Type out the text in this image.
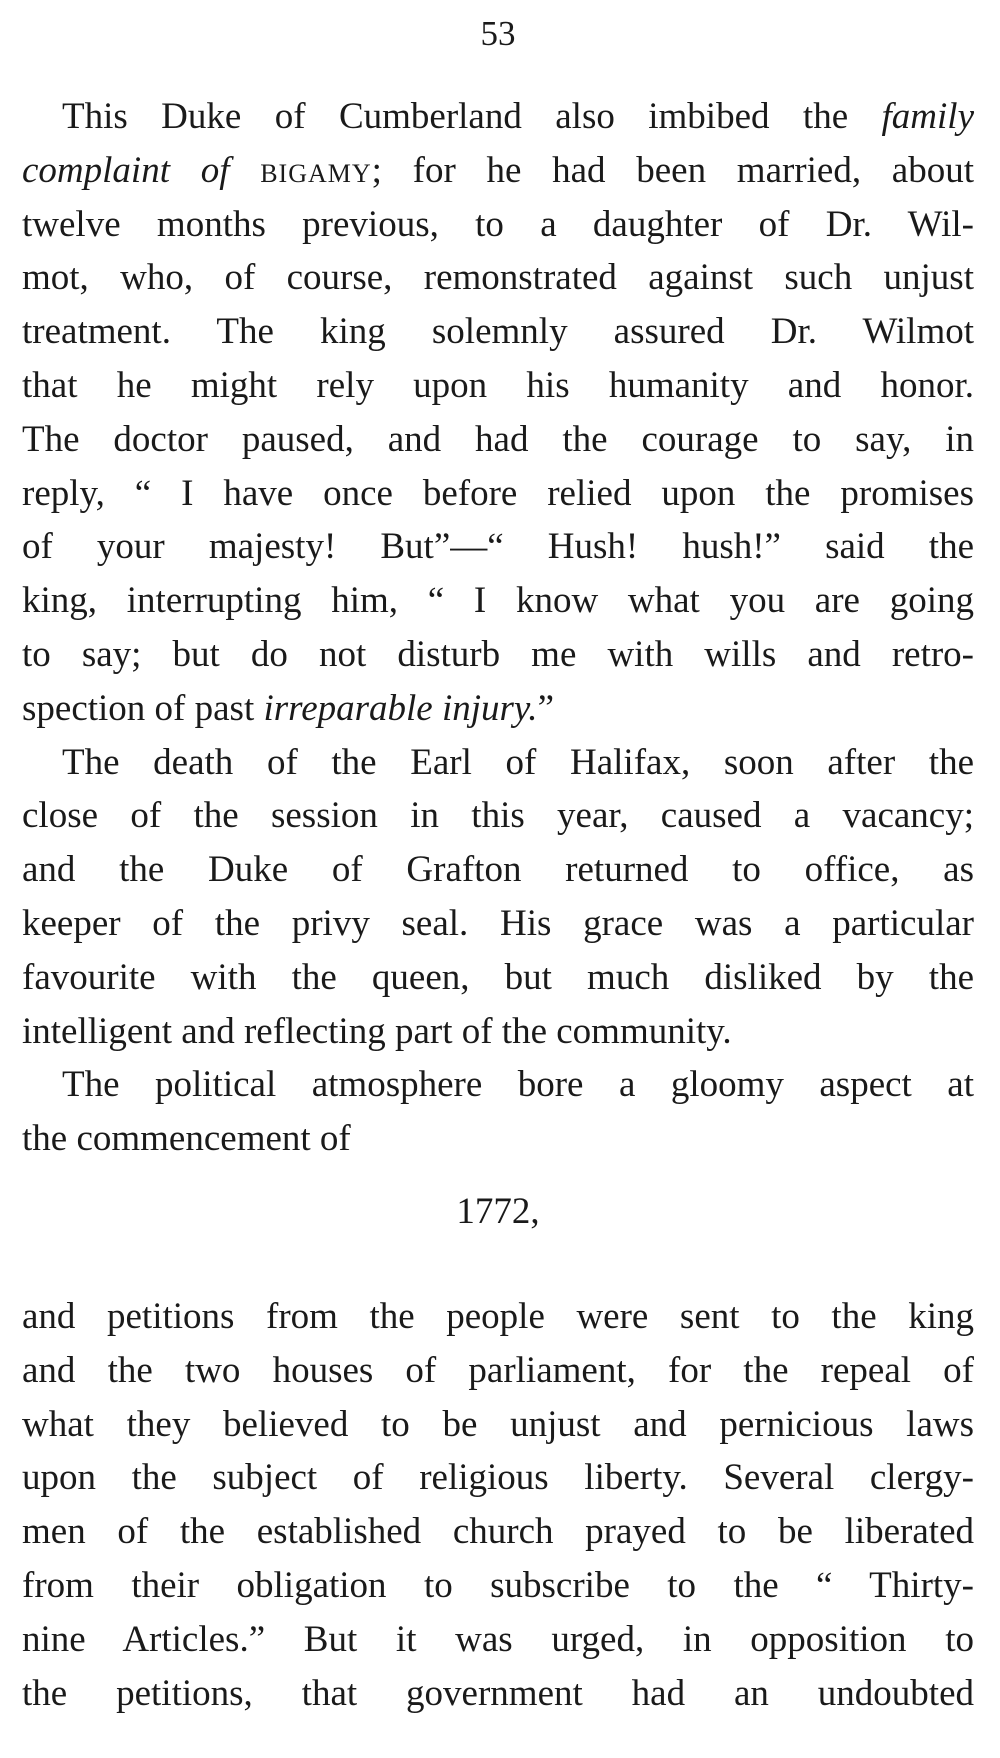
53
This Duke of Cumberland also imbibed the family
complaint of bigamy; for he had been married, about
twelve months previous, to a daughter of Dr. Wil-
mot, who, of course, remonstrated against such unjust
treatment. The king solemnly assured Dr. Wilmot
that he might rely upon his humanity and honor.
The doctor paused, and had the courage to say, in
reply, “ I have once before relied upon the promises
of your majesty! But”—“ Hush! hush!” said the
king, interrupting him, “ I know what you are going
to say; but do not disturb me with wills and retro-
spection of past irreparable injury.”
The death of the Earl of Halifax, soon after the
close of the session in this year, caused a vacancy;
and the Duke of Grafton returned to office, as
keeper of the privy seal. His grace was a particular
favourite with the queen, but much disliked by the
intelligent and reflecting part of the community.
The political atmosphere bore a gloomy aspect at
the commencement of
1772,
and petitions from the people were sent to the king
and the two houses of parliament, for the repeal of
what they believed to be unjust and pernicious laws
upon the subject of religious liberty. Several clergy-
men of the established church prayed to be liberated
from their obligation to subscribe to the “ Thirty-
nine Articles.” But it was urged, in opposition to
the petitions, that government had an undoubted
